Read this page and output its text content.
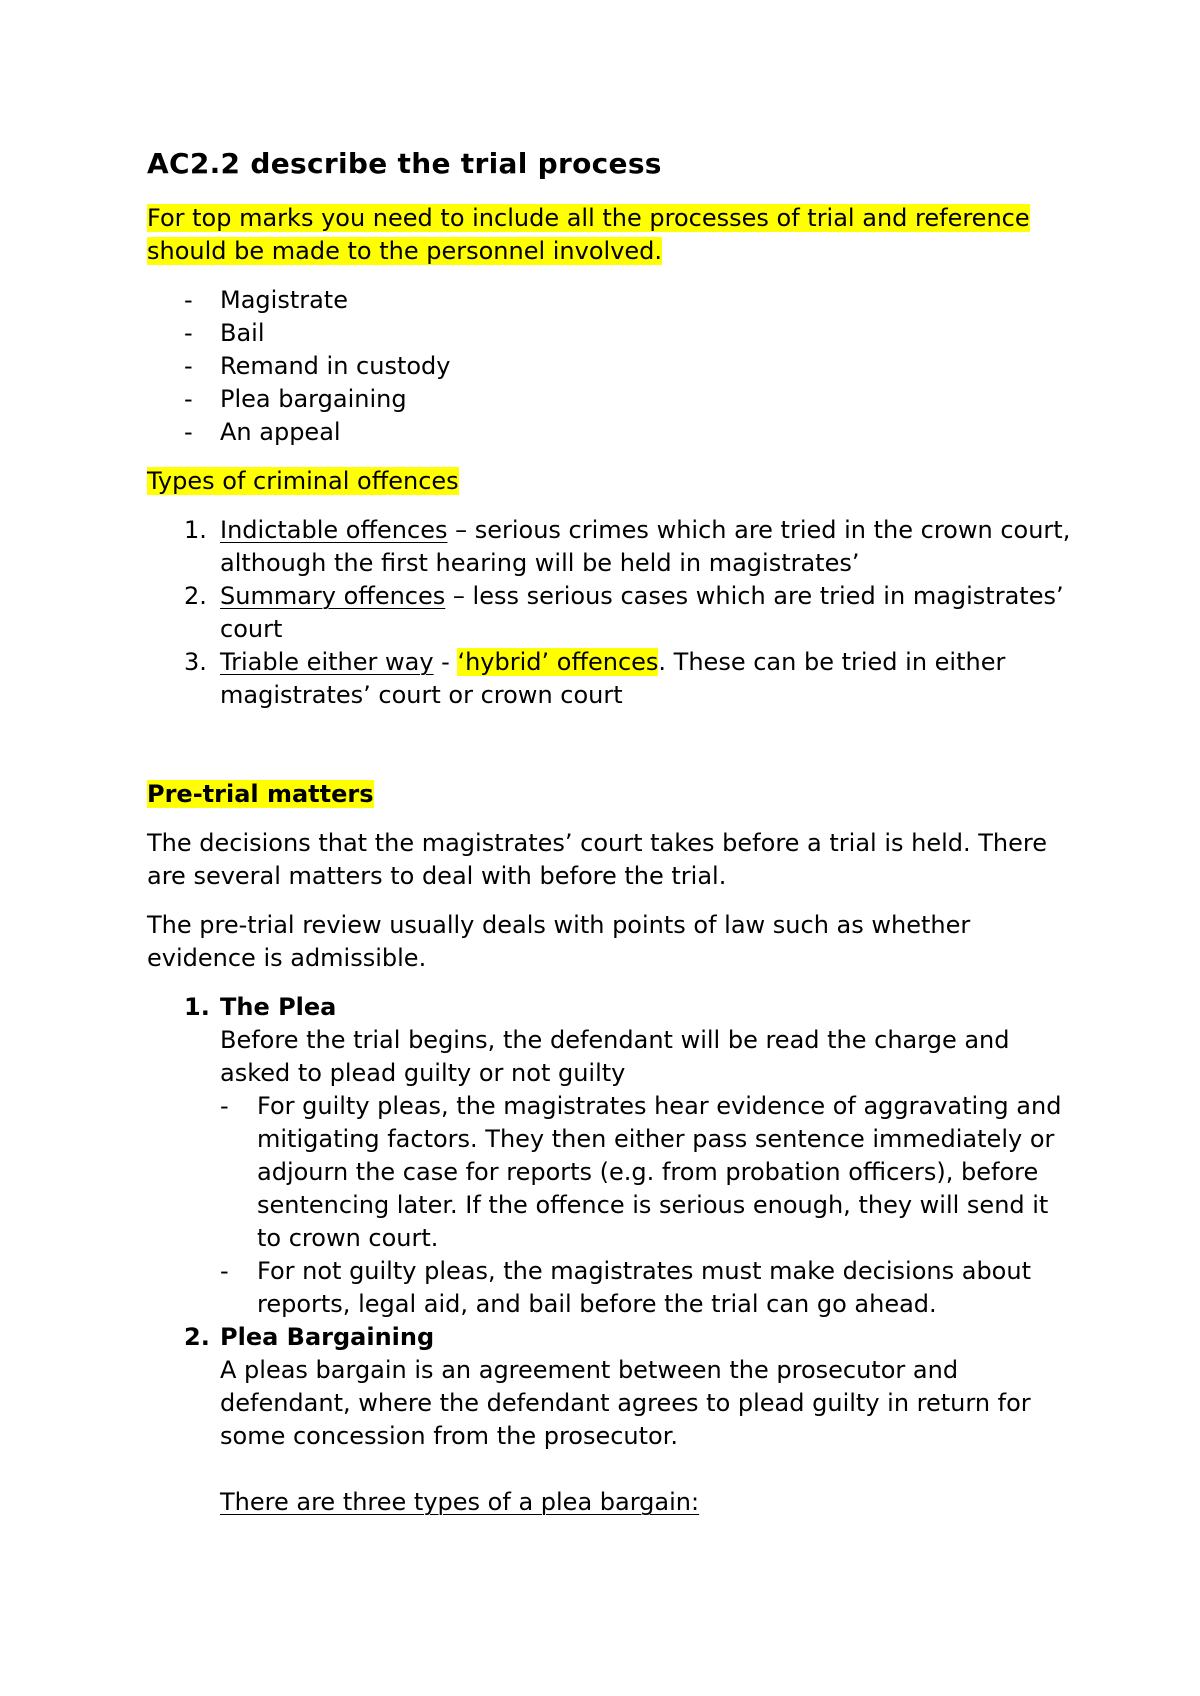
AC2.2 describe the trial process

For top marks you need to include all the processes of trial and reference should be made to the personnel involved.

- Magistrate
- Bail
- Remand in custody
- Plea bargaining
- An appeal

Types of criminal offences

1. Indictable offences – serious crimes which are tried in the crown court, although the first hearing will be held in magistrates’
2. Summary offences – less serious cases which are tried in magistrates’ court
3. Triable either way - ‘hybrid’ offences. These can be tried in either magistrates’ court or crown court

Pre-trial matters

The decisions that the magistrates’ court takes before a trial is held. There are several matters to deal with before the trial.

The pre-trial review usually deals with points of law such as whether evidence is admissible.

1. The Plea
Before the trial begins, the defendant will be read the charge and asked to plead guilty or not guilty
- For guilty pleas, the magistrates hear evidence of aggravating and mitigating factors. They then either pass sentence immediately or adjourn the case for reports (e.g. from probation officers), before sentencing later. If the offence is serious enough, they will send it to crown court.
- For not guilty pleas, the magistrates must make decisions about reports, legal aid, and bail before the trial can go ahead.
2. Plea Bargaining
A pleas bargain is an agreement between the prosecutor and defendant, where the defendant agrees to plead guilty in return for some concession from the prosecutor.
There are three types of a plea bargain:
